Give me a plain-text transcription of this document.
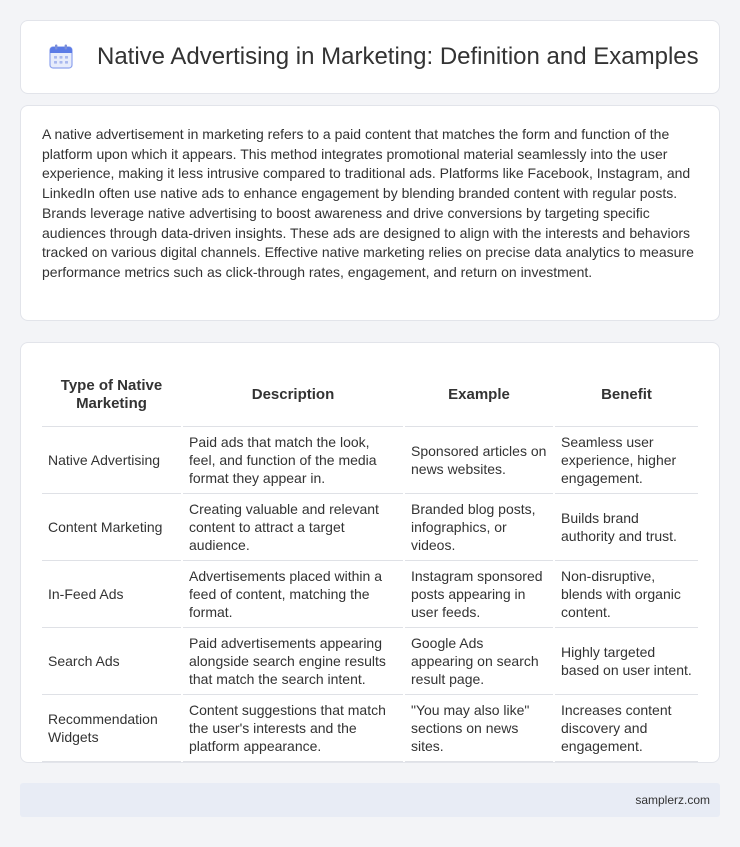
Native Advertising in Marketing: Definition and Examples

A native advertisement in marketing refers to a paid content that matches the form and function of the platform upon which it appears. This method integrates promotional material seamlessly into the user experience, making it less intrusive compared to traditional ads. Platforms like Facebook, Instagram, and LinkedIn often use native ads to enhance engagement by blending branded content with regular posts. Brands leverage native advertising to boost awareness and drive conversions by targeting specific audiences through data-driven insights. These ads are designed to align with the interests and behaviors tracked on various digital channels. Effective native marketing relies on precise data analytics to measure performance metrics such as click-through rates, engagement, and return on investment.

Type of Native Marketing	Description	Example	Benefit
Native Advertising	Paid ads that match the look, feel, and function of the media format they appear in.	Sponsored articles on news websites.	Seamless user experience, higher engagement.
Content Marketing	Creating valuable and relevant content to attract a target audience.	Branded blog posts, infographics, or videos.	Builds brand authority and trust.
In-Feed Ads	Advertisements placed within a feed of content, matching the format.	Instagram sponsored posts appearing in user feeds.	Non-disruptive, blends with organic content.
Search Ads	Paid advertisements appearing alongside search engine results that match the search intent.	Google Ads appearing on search result page.	Highly targeted based on user intent.
Recommendation Widgets	Content suggestions that match the user's interests and the platform appearance.	"You may also like" sections on news sites.	Increases content discovery and engagement.
samplerz.com
